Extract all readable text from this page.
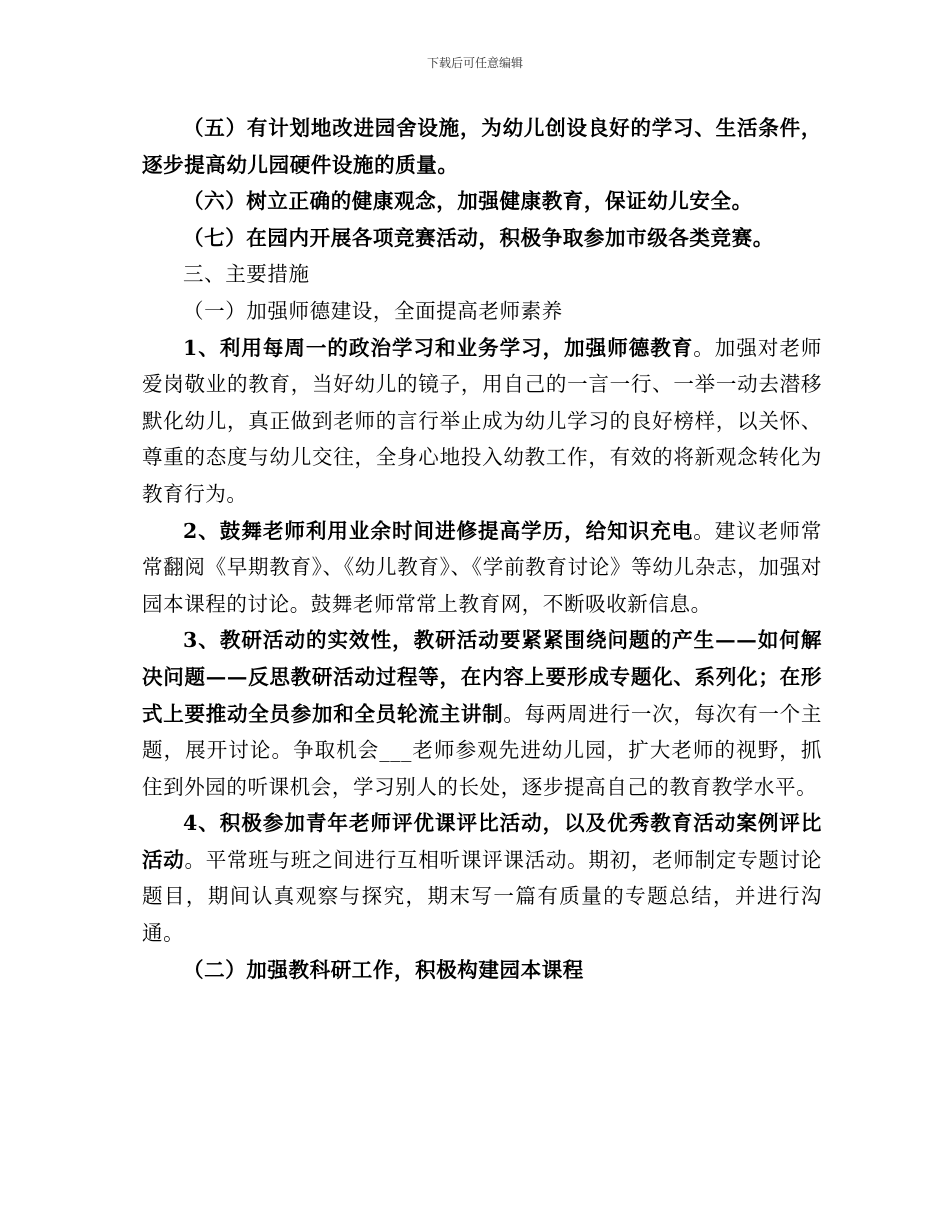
下载后可任意编辑

（五）有计划地改进园舍设施，为幼儿创设良好的学习、生活条件，逐步提高幼儿园硬件设施的质量。

（六）树立正确的健康观念，加强健康教育，保证幼儿安全。

（七）在园内开展各项竞赛活动，积极争取参加市级各类竞赛。

三、主要措施

（一）加强师德建设，全面提高老师素养

1、利用每周一的政治学习和业务学习，加强师德教育。加强对老师爱岗敬业的教育，当好幼儿的镜子，用自己的一言一行、一举一动去潜移默化幼儿，真正做到老师的言行举止成为幼儿学习的良好榜样，以关怀、尊重的态度与幼儿交往，全身心地投入幼教工作，有效的将新观念转化为教育行为。

2、鼓舞老师利用业余时间进修提高学历，给知识充电。建议老师常常翻阅《早期教育》、《幼儿教育》、《学前教育讨论》等幼儿杂志，加强对园本课程的讨论。鼓舞老师常常上教育网，不断吸收新信息。

3、教研活动的实效性，教研活动要紧紧围绕问题的产生——如何解决问题——反思教研活动过程等，在内容上要形成专题化、系列化；在形式上要推动全员参加和全员轮流主讲制。每两周进行一次，每次有一个主题，展开讨论。争取机会___老师参观先进幼儿园，扩大老师的视野，抓住到外园的听课机会，学习别人的长处，逐步提高自己的教育教学水平。

4、积极参加青年老师评优课评比活动，以及优秀教育活动案例评比活动。平常班与班之间进行互相听课评课活动。期初，老师制定专题讨论题目，期间认真观察与探究，期末写一篇有质量的专题总结，并进行沟通。

（二）加强教科研工作，积极构建园本课程
